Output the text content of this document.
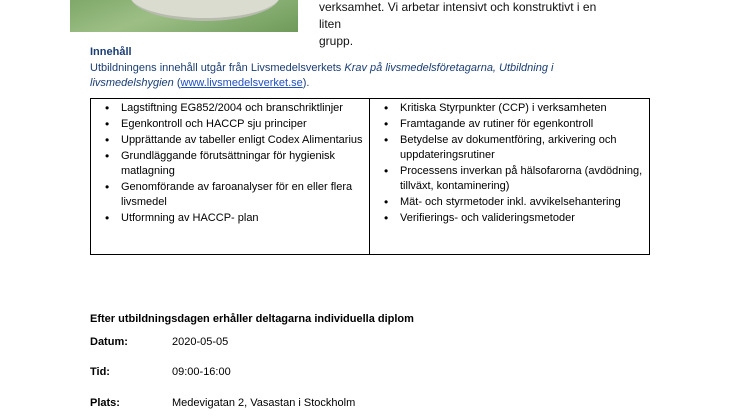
verksamhet. Vi arbetar intensivt och konstruktivt i en liten
grupp.
Innehåll
Utbildningens innehåll utgår från Livsmedelsverkets Krav på livsmedelsföretagarna, Utbildning i livsmedelshygien (www.livsmedelsverket.se).
• Lagstiftning EG852/2004 och branschriktlinjer
• Egenkontroll och HACCP sju principer
• Upprättande av tabeller enligt Codex Alimentarius
• Grundläggande förutsättningar för hygienisk matlagning
• Genomförande av faroanalyser för en eller flera livsmedel
• Utformning av HACCP- plan
• Kritiska Styrpunkter (CCP) i verksamheten
• Framtagande av rutiner för egenkontroll
• Betydelse av dokumentföring, arkivering och uppdateringsrutiner
• Processens inverkan på hälsofarorna (avdödning, tillväxt, kontaminering)
• Mät- och styrmetoder inkl. avvikelsehantering
• Verifierings- och valideringsmetoder
Efter utbildningsdagen erhåller deltagarna individuella diplom
Datum:	2020-05-05
Tid:	09:00-16:00
Plats:	Medevigatan 2, Vasastan i Stockholm
